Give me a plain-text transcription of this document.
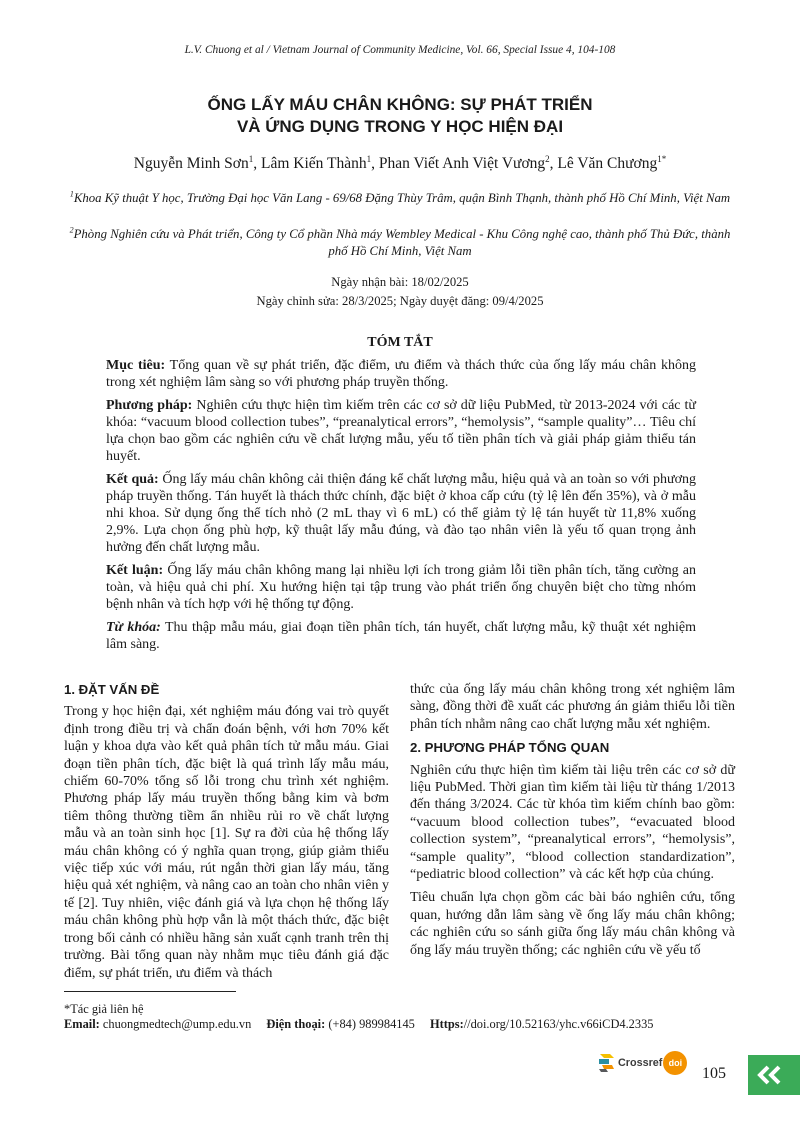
L.V. Chuong et al / Vietnam Journal of Community Medicine, Vol. 66, Special Issue 4, 104-108
ỐNG LẤY MÁU CHÂN KHÔNG: SỰ PHÁT TRIỂN
VÀ ỨNG DỤNG TRONG Y HỌC HIỆN ĐẠI
Nguyễn Minh Sơn$^1$, Lâm Kiến Thành$^1$, Phan Viết Anh Việt Vương$^2$, Lê Văn Chương$^{1*}$
$^1$Khoa Kỹ thuật Y học, Trường Đại học Văn Lang - 69/68 Đặng Thùy Trâm, quận Bình Thạnh, thành phố Hồ Chí Minh, Việt Nam
$^2$Phòng Nghiên cứu và Phát triển, Công ty Cổ phần Nhà máy Wembley Medical - Khu Công nghệ cao, thành phố Thủ Đức, thành phố Hồ Chí Minh, Việt Nam
Ngày nhận bài: 18/02/2025
Ngày chỉnh sửa: 28/3/2025; Ngày duyệt đăng: 09/4/2025
TÓM TẮT

Mục tiêu: Tổng quan về sự phát triển, đặc điểm, ưu điểm và thách thức của ống lấy máu chân không trong xét nghiệm lâm sàng so với phương pháp truyền thống.

Phương pháp: Nghiên cứu thực hiện tìm kiếm trên các cơ sở dữ liệu PubMed, từ 2013-2024 với các từ khóa: “vacuum blood collection tubes”, “preanalytical errors”, “hemolysis”, “sample quality”… Tiêu chí lựa chọn bao gồm các nghiên cứu về chất lượng mẫu, yếu tố tiền phân tích và giải pháp giảm thiểu tán huyết.

Kết quả: Ống lấy máu chân không cải thiện đáng kể chất lượng mẫu, hiệu quả và an toàn so với phương pháp truyền thống. Tán huyết là thách thức chính, đặc biệt ở khoa cấp cứu (tỷ lệ lên đến 35%), và ở mẫu nhi khoa. Sử dụng ống thể tích nhỏ (2 mL thay vì 6 mL) có thể giảm tỷ lệ tán huyết từ 11,8% xuống 2,9%. Lựa chọn ống phù hợp, kỹ thuật lấy mẫu đúng, và đào tạo nhân viên là yếu tố quan trọng ảnh hưởng đến chất lượng mẫu.

Kết luận: Ống lấy máu chân không mang lại nhiều lợi ích trong giảm lỗi tiền phân tích, tăng cường an toàn, và hiệu quả chi phí. Xu hướng hiện tại tập trung vào phát triển ống chuyên biệt cho từng nhóm bệnh nhân và tích hợp với hệ thống tự động.

Từ khóa: Thu thập mẫu máu, giai đoạn tiền phân tích, tán huyết, chất lượng mẫu, kỹ thuật xét nghiệm lâm sàng.

1. ĐẶT VẤN ĐỀ

Trong y học hiện đại, xét nghiệm máu đóng vai trò quyết định trong điều trị và chẩn đoán bệnh, với hơn 70% kết luận y khoa dựa vào kết quả phân tích tử mẫu máu. Giai đoạn tiền phân tích, đặc biệt là quá trình lấy mẫu máu, chiếm 60-70% tổng số lỗi trong chu trình xét nghiệm. Phương pháp lấy máu truyền thống bằng kim và bơm tiêm thông thường tiềm ẩn nhiều rủi ro về chất lượng mẫu và an toàn sinh học [1]. Sự ra đời của hệ thống lấy máu chân không có ý nghĩa quan trọng, giúp giảm thiểu việc tiếp xúc với máu, rút ngắn thời gian lấy máu, tăng hiệu quả xét nghiệm, và nâng cao an toàn cho nhân viên y tế [2]. Tuy nhiên, việc đánh giá và lựa chọn hệ thống lấy máu chân không phù hợp vẫn là một thách thức, đặc biệt trong bối cảnh có nhiều hãng sản xuất cạnh tranh trên thị trường. Bài tổng quan này nhằm mục tiêu đánh giá đặc điểm, sự phát triển, ưu điểm và thách

thức của ống lấy máu chân không trong xét nghiệm lâm sàng, đồng thời đề xuất các phương án giảm thiểu lỗi tiền phân tích nhằm nâng cao chất lượng mẫu xét nghiệm.

2. PHƯƠNG PHÁP TỔNG QUAN

Nghiên cứu thực hiện tìm kiếm tài liệu trên các cơ sở dữ liệu PubMed. Thời gian tìm kiếm tài liệu từ tháng 1/2013 đến tháng 3/2024. Các từ khóa tìm kiếm chính bao gồm: “vacuum blood collection tubes”, “evacuated blood collection system”, “preanalytical errors”, “hemolysis”, “sample quality”, “blood collection standardization”, “pediatric blood collection” và các kết hợp của chúng.

Tiêu chuẩn lựa chọn gồm các bài báo nghiên cứu, tổng quan, hướng dẫn lâm sàng về ống lấy máu chân không; các nghiên cứu so sánh giữa ống lấy máu chân không và ống lấy máu truyền thống; các nghiên cứu về yếu tố

*Tác giả liên hệ
Email: chuongmedtech@ump.edu.vn Điện thoại: (+84) 989984145 Https://doi.org/10.52163/yhc.v66iCD4.2335
Crossref doi
105
